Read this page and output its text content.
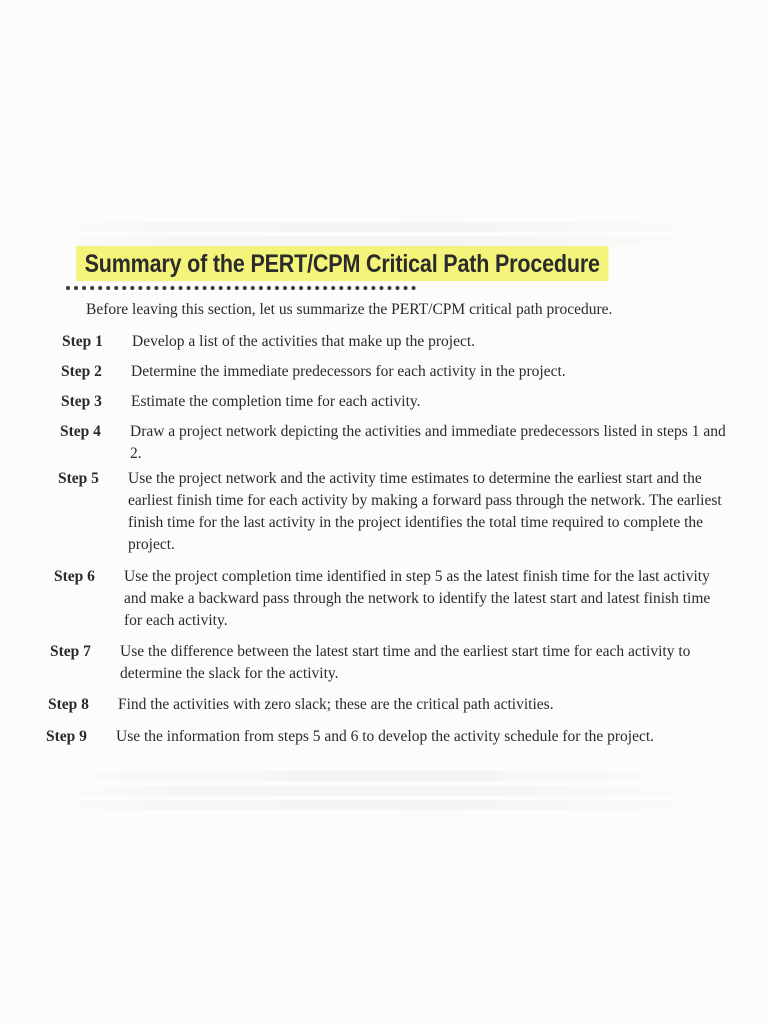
Summary of the PERT/CPM Critical Path Procedure
Before leaving this section, let us summarize the PERT/CPM critical path procedure.
Step 1	Develop a list of the activities that make up the project.
Step 2	Determine the immediate predecessors for each activity in the project.
Step 3	Estimate the completion time for each activity.
Step 4	Draw a project network depicting the activities and immediate predecessors listed in steps 1 and 2.
Step 5	Use the project network and the activity time estimates to determine the earliest start and the earliest finish time for each activity by making a forward pass through the network. The earliest finish time for the last activity in the project identifies the total time required to complete the project.
Step 6	Use the project completion time identified in step 5 as the latest finish time for the last activity and make a backward pass through the network to identify the latest start and latest finish time for each activity.
Step 7	Use the difference between the latest start time and the earliest start time for each activity to determine the slack for the activity.
Step 8	Find the activities with zero slack; these are the critical path activities.
Step 9	Use the information from steps 5 and 6 to develop the activity schedule for the project.
